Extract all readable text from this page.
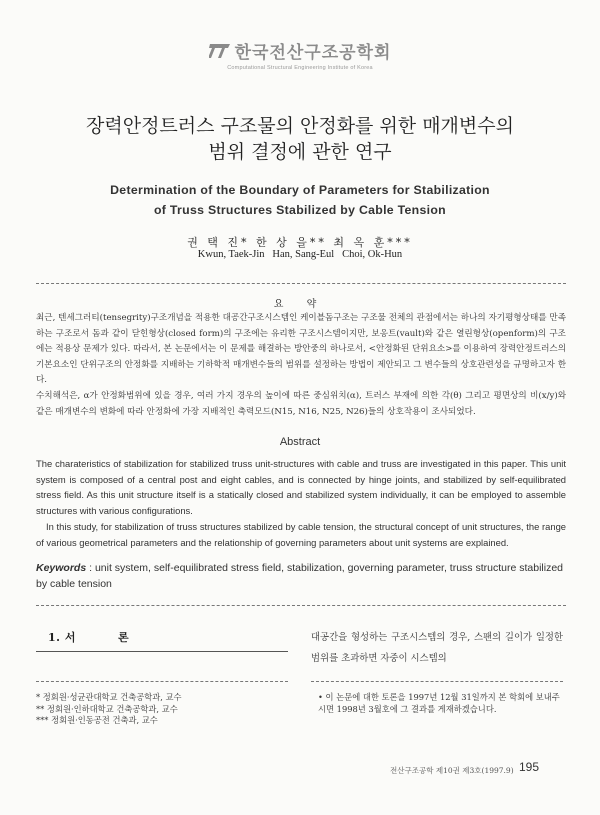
한국전산구조공학회
Computational Structural Engineering Institute of Korea
장력안정트러스 구조물의 안정화를 위한 매개변수의
범위 결정에 관한 연구
Determination of the Boundary of Parameters for Stabilization
of Truss Structures Stabilized by Cable Tension
권 택 진* 한 상 을** 최 옥 훈***
Kwun, Taek-Jin   Han, Sang-Eul   Choi, Ok-Hun
요 약

최근, 텐세그러티(tensegrity)구조개념을 적용한 대공간구조시스템인 케이블돔구조는 구조물 전체의 관점에서는 하나의 자기평형상태를 만족하는 구조로서 돔과 같이 닫힌형상(closed form)의 구조에는 유리한 구조시스템이지만, 보옹트(vault)와 같은 열린형상(openform)의 구조에는 적용상 문제가 있다. 따라서, 본 논문에서는 이 문제를 해결하는 방안중의 하나로서, <안정화된 단위요소>를 이용하여 장력안정트러스의 기본요소인 단위구조의 안정화를 지배하는 기하학적 매개변수들의 범위를 설정하는 방법이 제안되고 그 변수들의 상호관련성을 규명하고자 한다.

수치해석은, α가 안정화범위에 있을 경우, 여러 가지 경우의 높이에 따른 중심위치(α), 트러스 부재에 의한 각(θ) 그리고 평면상의 비(x/y)와 같은 매개변수의 변화에 따라 안정화에 가장 지배적인 축력모드(N15, N16, N25, N26)들의 상호작용이 조사되었다.

Abstract

The charateristics of stabilization for stabilized truss unit-structures with cable and truss are investigated in this paper. This unit system is composed of a central post and eight cables, and is connected by hinge joints, and stabilized by self-equilibrated stress field. As this unit structure itself is a statically closed and stabilized system individually, it can be employed to assemble structures with various configurations.

In this study, for stabilization of truss structures stabilized by cable tension, the structural concept of unit structures, the range of various geometrical parameters and the relationship of governing parameters about unit systems are explained.

Keywords : unit system, self-equilibrated stress field, stabilization, governing parameter, truss structure stabilized by cable tension
1. 서	론	대공간을 형성하는 구조시스템의 경우, 스팬의 길이가 일정한 범위를 초과하면 자중이 시스템의
* 정회원·성균관대학교 건축공학과, 교수
** 정회원·인하대학교 건축공학과, 교수
*** 정회원·인동공전 건축과, 교수
• 이 논문에 대한 토론을 1997년 12월 31일까지 본 학회에 보내주시면 1998년 3월호에 그 결과를 게재하겠습니다.
전산구조공학 제10권 제3호(1997.9) 195
